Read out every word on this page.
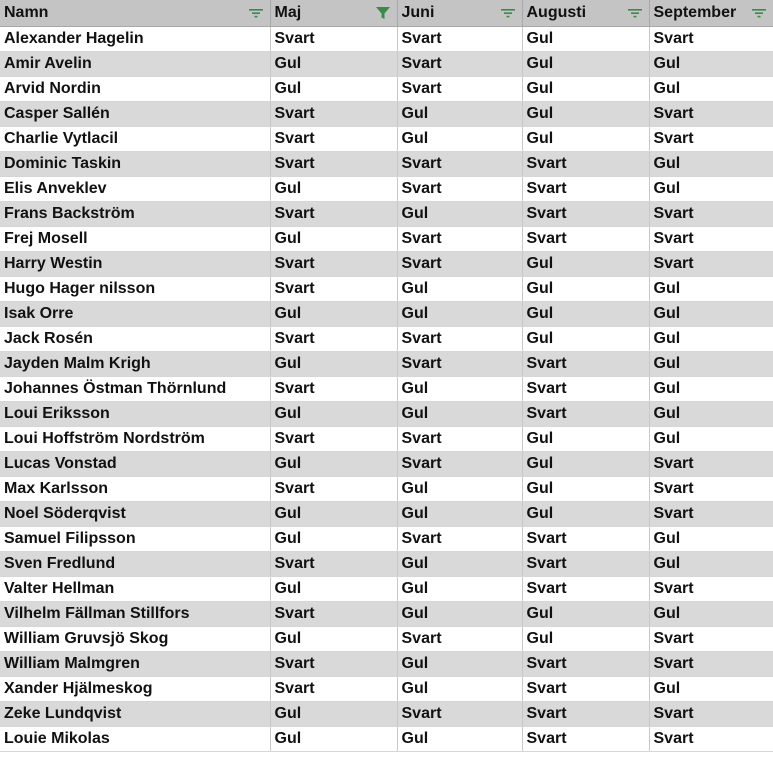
Namn	Maj	Juni	Augusti	September

Alexander Hagelin	Svart	Svart	Gul	Svart
Amir Avelin	Gul	Svart	Gul	Gul
Arvid Nordin	Gul	Svart	Gul	Gul
Casper Sallén	Svart	Gul	Gul	Svart
Charlie Vytlacil	Svart	Gul	Gul	Svart
Dominic Taskin	Svart	Svart	Svart	Gul
Elis Anveklev	Gul	Svart	Svart	Gul
Frans Backström	Svart	Gul	Svart	Svart
Frej Mosell	Gul	Svart	Svart	Svart
Harry Westin	Svart	Svart	Gul	Svart
Hugo Hager nilsson	Svart	Gul	Gul	Gul
Isak Orre	Gul	Gul	Gul	Gul
Jack Rosén	Svart	Svart	Gul	Gul
Jayden Malm Krigh	Gul	Svart	Svart	Gul
Johannes Östman Thörnlund	Svart	Gul	Svart	Gul
Loui Eriksson	Gul	Gul	Svart	Gul
Loui Hoffström Nordström	Svart	Svart	Gul	Gul
Lucas Vonstad	Gul	Svart	Gul	Svart
Max Karlsson	Svart	Gul	Gul	Svart
Noel Söderqvist	Gul	Gul	Gul	Svart
Samuel Filipsson	Gul	Svart	Svart	Gul
Sven Fredlund	Svart	Gul	Svart	Gul
Valter Hellman	Gul	Gul	Svart	Svart
Vilhelm Fällman Stillfors	Svart	Gul	Gul	Gul
William Gruvsjö Skog	Gul	Svart	Gul	Svart
William Malmgren	Svart	Gul	Svart	Svart
Xander Hjälmeskog	Svart	Gul	Svart	Gul
Zeke Lundqvist	Gul	Svart	Svart	Svart
Louie Mikolas	Gul	Gul	Svart	Svart
